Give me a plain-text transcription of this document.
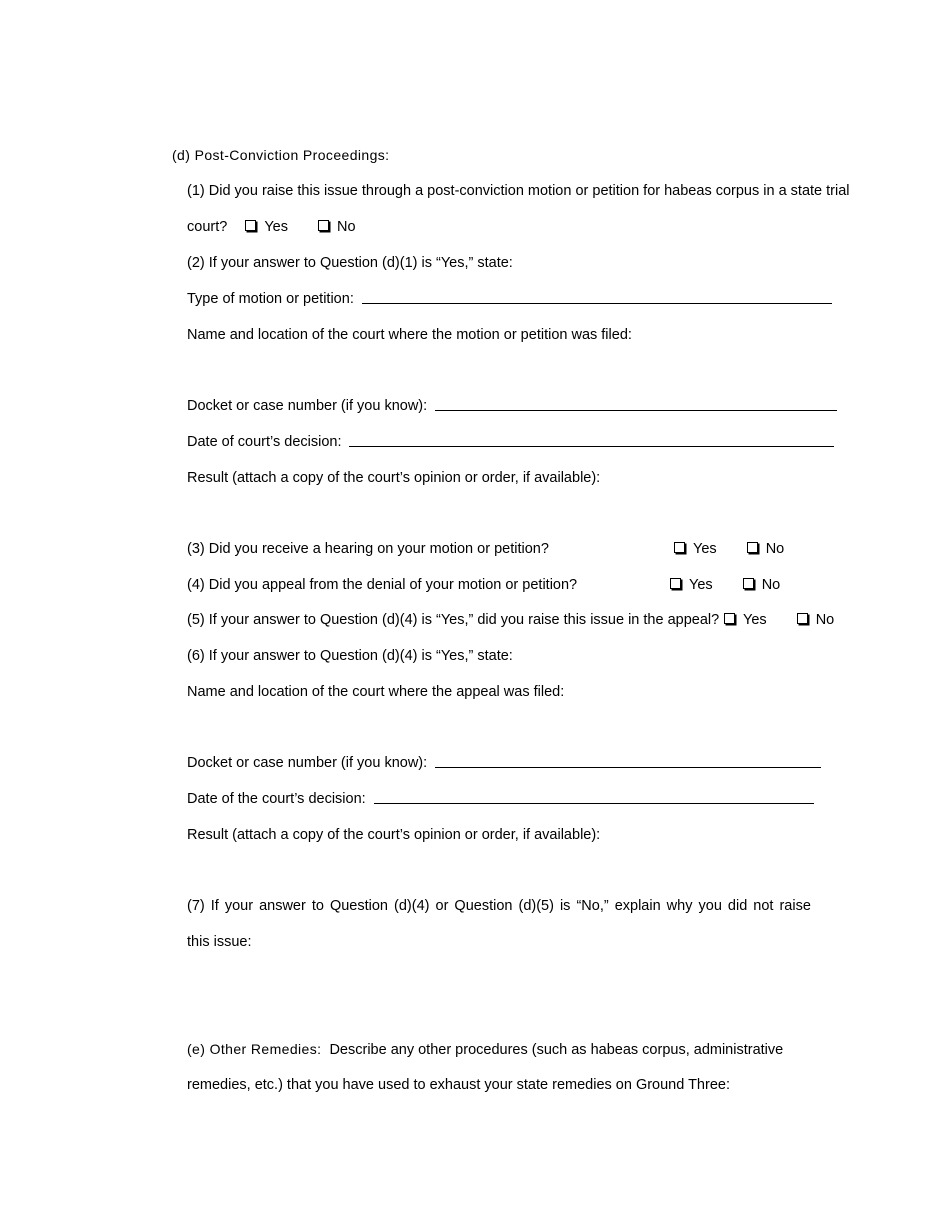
(d) Post-Conviction Proceedings:
(1) Did you raise this issue through a post-conviction motion or petition for habeas corpus in a state trial
court?	Yes	No
(2) If your answer to Question (d)(1) is “Yes,” state:
Type of motion or petition:
Name and location of the court where the motion or petition was filed:
Docket or case number (if you know):
Date of court’s decision:
Result (attach a copy of the court’s opinion or order, if available):
(3) Did you receive a hearing on your motion or petition?	Yes	No
(4) Did you appeal from the denial of your motion or petition?	Yes	No
(5) If your answer to Question (d)(4) is “Yes,” did you raise this issue in the appeal?	Yes	No
(6) If your answer to Question (d)(4) is “Yes,” state:
Name and location of the court where the appeal was filed:
Docket or case number (if you know):
Date of the court’s decision:
Result (attach a copy of the court’s opinion or order, if available):
(7) If your answer to Question (d)(4) or Question (d)(5) is “No,” explain why you did not raise
this issue:
(e) Other Remedies: Describe any other procedures (such as habeas corpus, administrative
remedies, etc.) that you have used to exhaust your state remedies on Ground Three:
